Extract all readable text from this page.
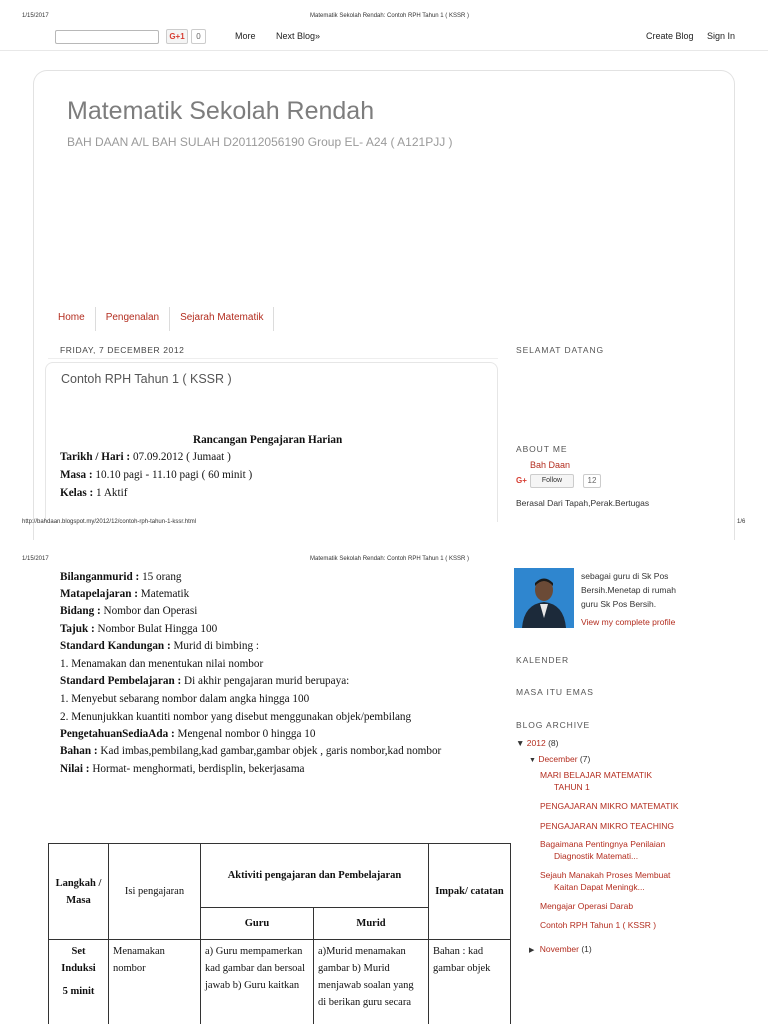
1/15/2017	Matematik Sekolah Rendah: Contoh RPH Tahun 1 ( KSSR )
G+1	0	More Next Blog»	Create Blog Sign In
Matematik Sekolah Rendah
BAH DAAN A/L BAH SULAH D20112056190 Group EL- A24 ( A121PJJ )
Home	Pengenalan	Sejarah Matematik
FRIDAY, 7 DECEMBER 2012
Contoh RPH Tahun 1 ( KSSR )
Rancangan Pengajaran Harian
Tarikh / Hari : 07.09.2012 ( Jumaat )
Masa : 10.10 pagi - 11.10 pagi ( 60 minit )
Kelas : 1 Aktif
SELAMAT DATANG
ABOUT ME
Bah Daan
G+	Follow	12
Berasal Dari Tapah,Perak.Bertugas
http://bahdaan.blogspot.my/2012/12/contoh-rph-tahun-1-kssr.html	1/6
1/15/2017	Matematik Sekolah Rendah: Contoh RPH Tahun 1 ( KSSR )
Bilanganmurid : 15 orang
Matapelajaran : Matematik
Bidang : Nombor dan Operasi
Tajuk : Nombor Bulat Hingga 100
Standard Kandungan : Murid di bimbing :
1. Menamakan dan menentukan nilai nombor
Standard Pembelajaran : Di akhir pengajaran murid berupaya:
1. Menyebut sebarang nombor dalam angka hingga 100
2. Menunjukkan kuantiti nombor yang disebut menggunakan objek/pembilang
PengetahuanSediaAda : Mengenal nombor 0 hingga 10
Bahan : Kad imbas,pembilang,kad gambar,gambar objek , garis nombor,kad nombor
Nilai : Hormat- menghormati, berdisplin, bekerjasama
Langkah / Masa	Isi pengajaran	Aktiviti pengajaran dan Pembelajaran		Impak/ catatan
		Guru	Murid	

Set Induksi
5 minit	Menamakan nombor	a) Guru mempamerkan kad gambar dan bersoal jawab b) Guru kaitkan	a)Murid menamakan gambar b) Murid menjawab soalan yang di berikan guru secara	Bahan : kad gambar objek
sebagai guru di Sk Pos
Bersih.Menetap di rumah
guru Sk Pos Bersih.
View my complete profile
KALENDER
MASA ITU EMAS
BLOG ARCHIVE
▼ 2012 (8)
▼ December (7)
MARI BELAJAR MATEMATIK
TAHUN 1
PENGAJARAN MIKRO MATEMATIK
PENGAJARAN MIKRO TEACHING
Bagaimana Pentingnya Penilaian
Diagnostik Matemati...
Sejauh Manakah Proses Membuat
Kaitan Dapat Meningk...
Mengajar Operasi Darab
Contoh RPH Tahun 1 ( KSSR )
▶ November (1)
